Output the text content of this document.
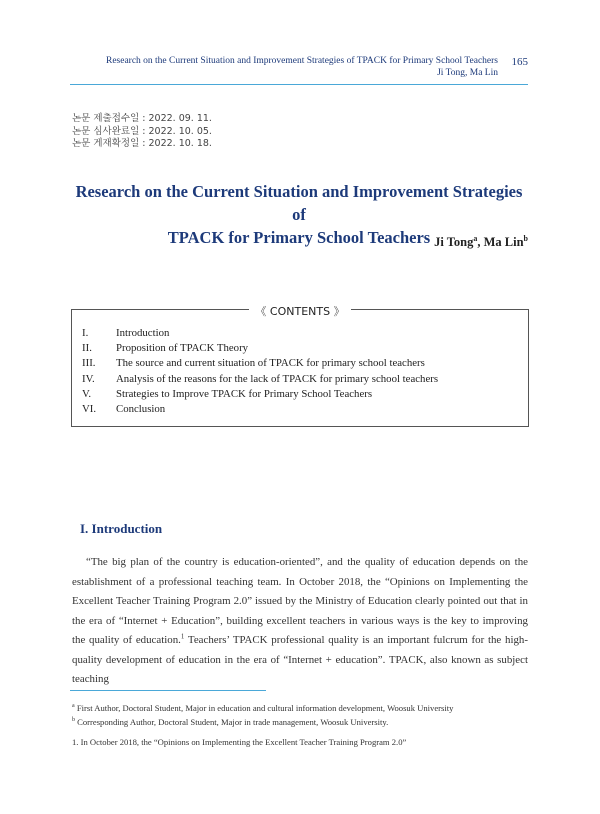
Research on the Current Situation and Improvement Strategies of TPACK for Primary School Teachers
Ji Tong, Ma Lin
165
논문 제출접수일 : 2022. 09. 11.
논문 심사완료일 : 2022. 10. 05.
논문 게재확정일 : 2022. 10. 18.
Research on the Current Situation and Improvement Strategies of
TPACK for Primary School Teachers Ji Tong$^a$, Ma Lin$^b$
《 CONTENTS 》
I.	Introduction
II. Proposition of TPACK Theory
III. The source and current situation of TPACK for primary school teachers
IV. Analysis of the reasons for the lack of TPACK for primary school teachers
V. Strategies to Improve TPACK for Primary School Teachers
VI. Conclusion
I. Introduction

“The big plan of the country is education-oriented”, and the quality of education depends on the establishment of a professional teaching team. In October 2018, the “Opinions on Implementing the Excellent Teacher Training Program 2.0” issued by the Ministry of Education clearly pointed out that in the era of “Internet + Education”, building excellent teachers in various ways is the key to improving the quality of education.$^1$ Teachers’ TPACK professional quality is an important fulcrum for the high-quality development of education in the era of “Internet + education”. TPACK, also known as subject teaching

$^a$ First Author, Doctoral Student, Major in education and cultural information development, Woosuk University
$^b$ Corresponding Author, Doctoral Student, Major in trade management, Woosuk University.
1. In October 2018, the “Opinions on Implementing the Excellent Teacher Training Program 2.0”
